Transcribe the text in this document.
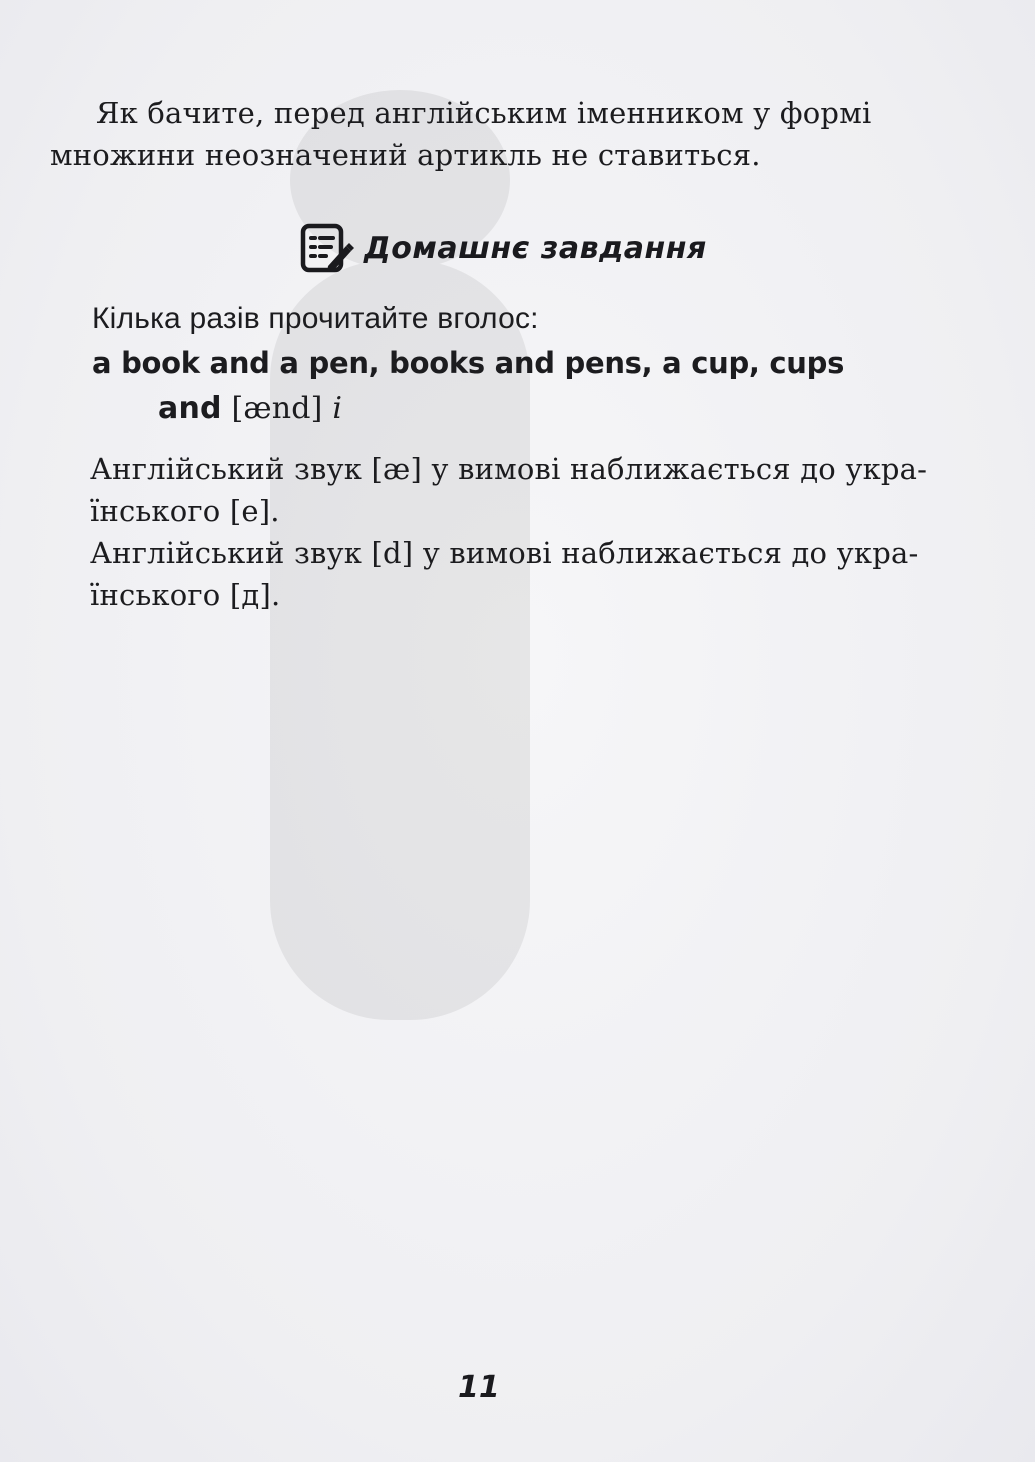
Як бачите, перед англійським іменником у формі
множини неозначений артикль не ставиться.

Домашнє завдання

Кілька разів прочитайте вголос:

a book and a pen, books and pens, a cup, cups

and [ænd] і

Англійський звук [æ] у вимові наближається до укра-
їнського [е].

Англійський звук [d] у вимові наближається до укра-
їнського [д].

11
